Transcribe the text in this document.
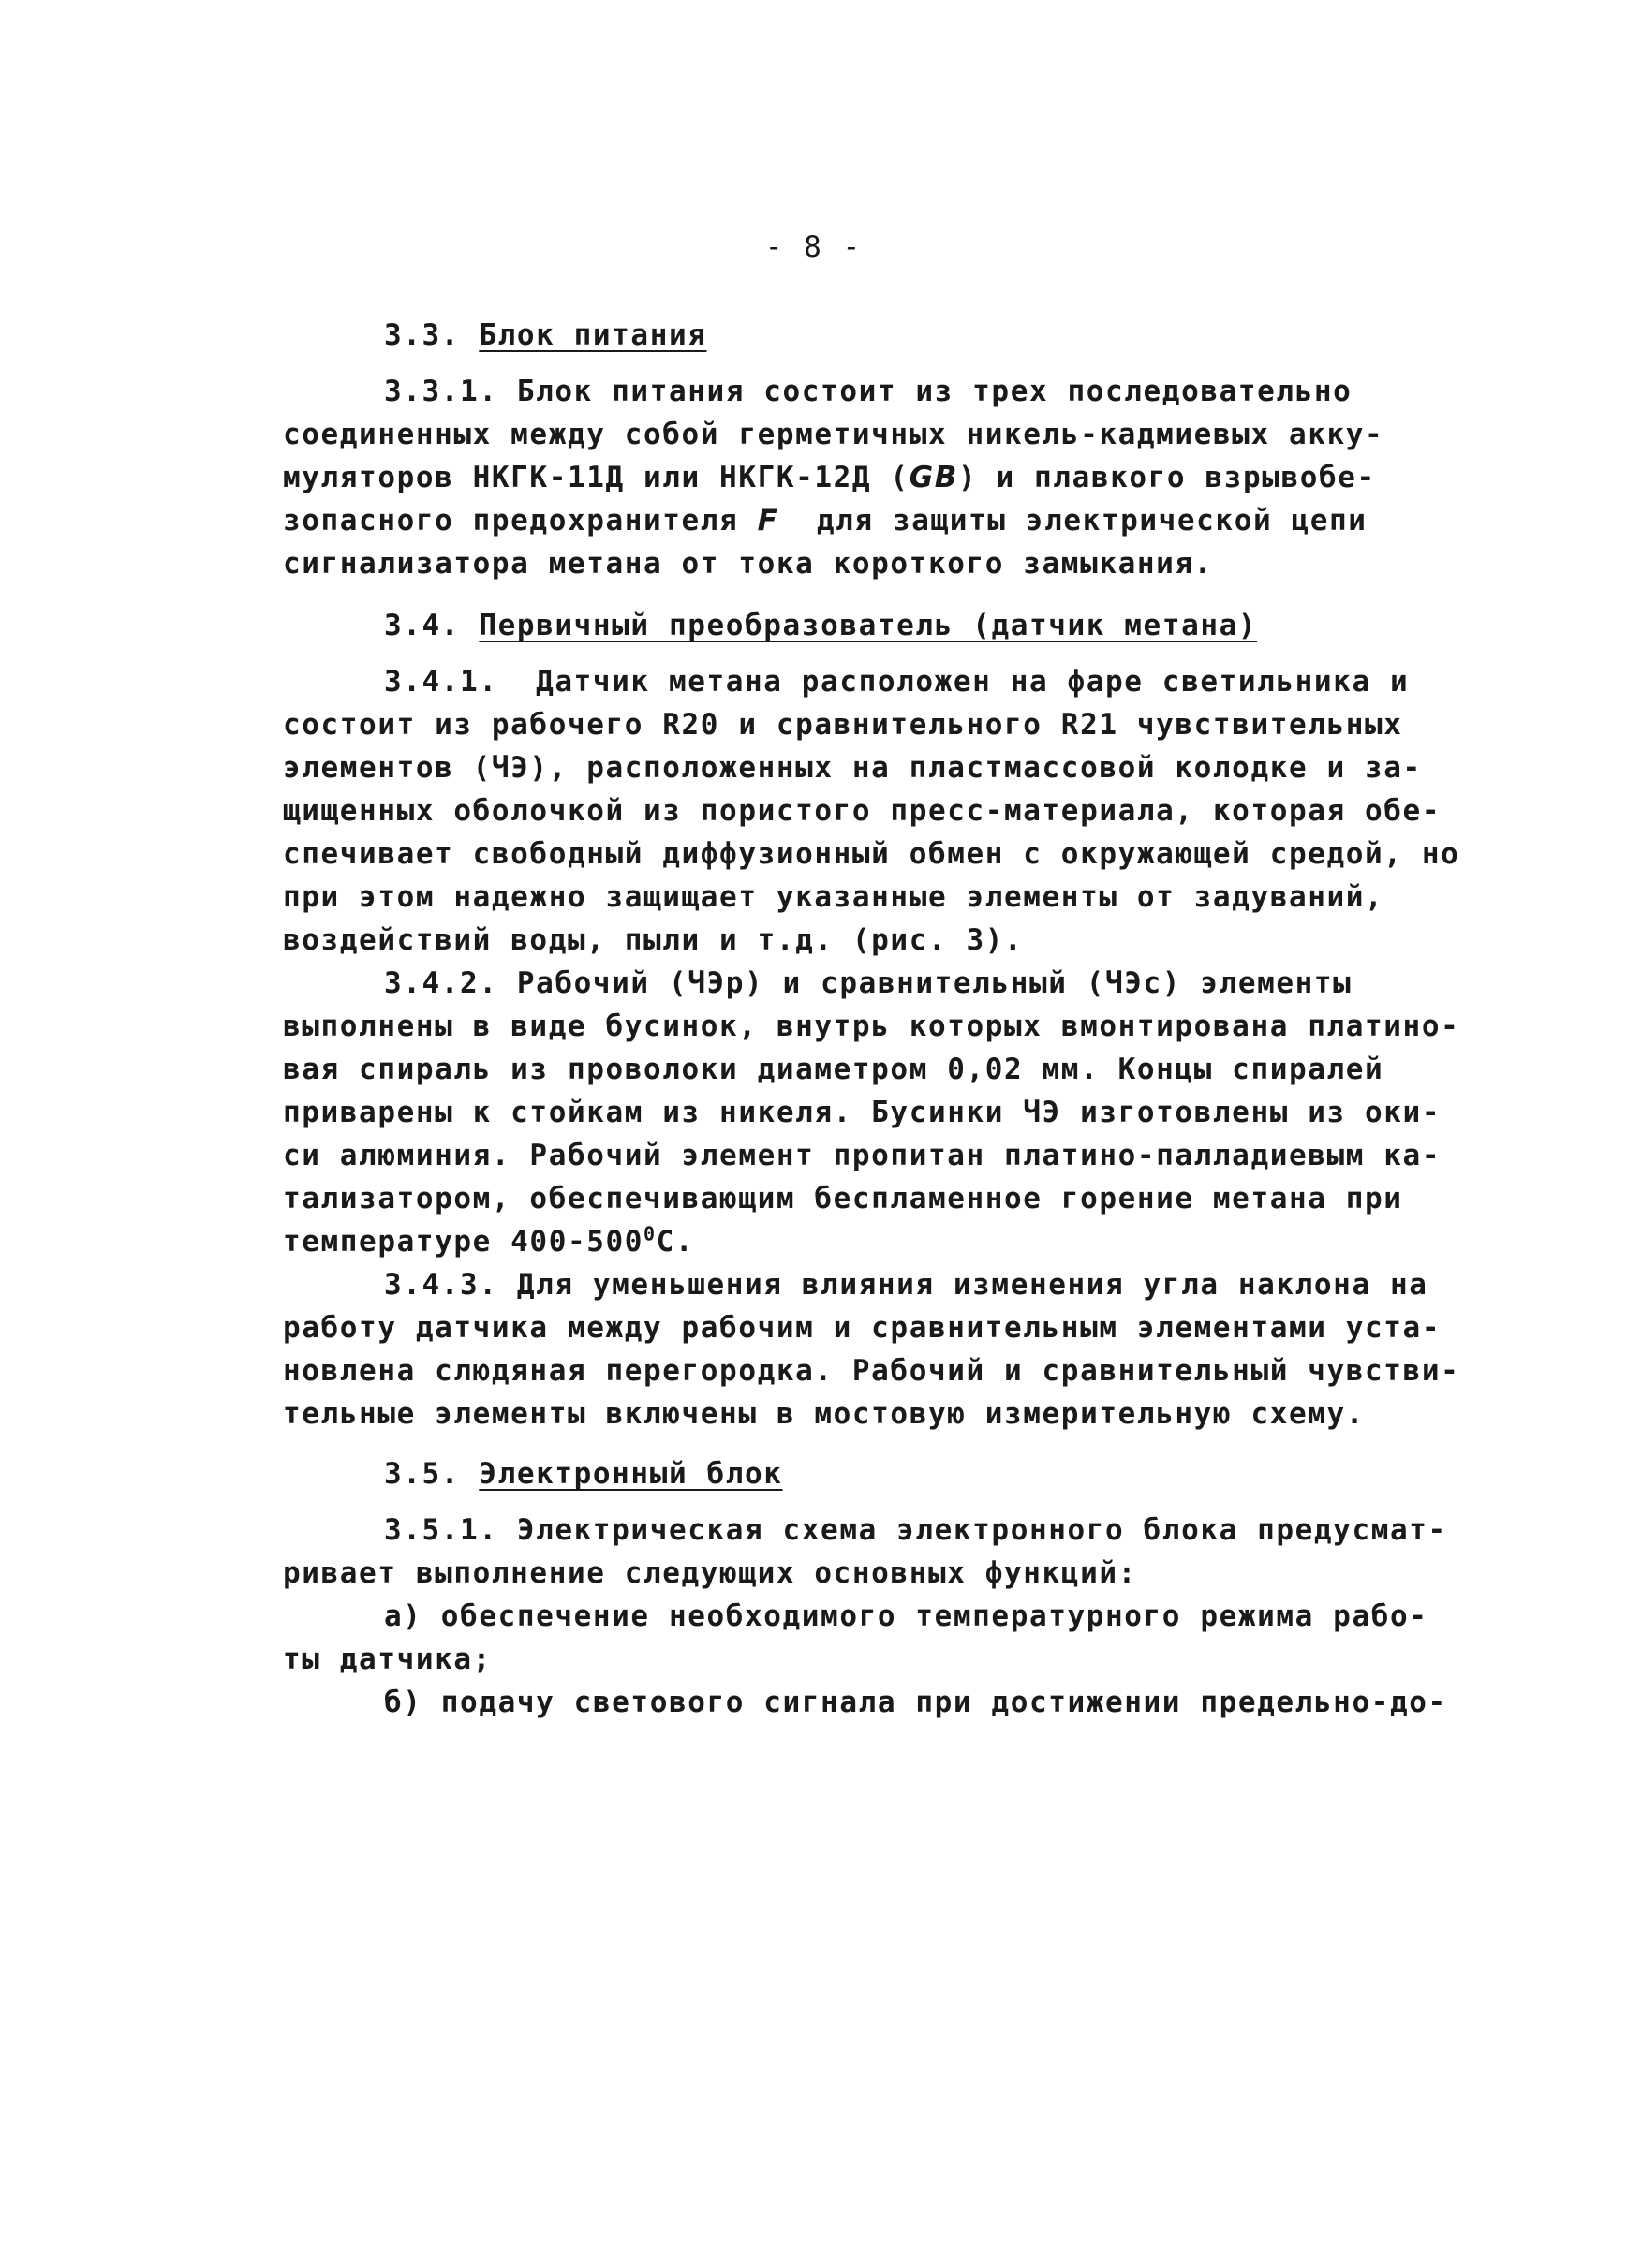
- 8 -
3.3. Блок питания
3.3.1. Блок питания состоит из трех последовательно
соединенных между собой герметичных никель-кадмиевых акку-
муляторов НКГК-11Д или НКГК-12Д (GB) и плавкого взрывобе-
зопасного предохранителя F  для защиты электрической цепи
сигнализатора метана от тока короткого замыкания.
3.4. Первичный преобразователь (датчик метана)
3.4.1.  Датчик метана расположен на фаре светильника и
состоит из рабочего R20 и сравнительного R21 чувствительных
элементов (ЧЭ), расположенных на пластмассовой колодке и за-
щищенных оболочкой из пористого пресс-материала, которая обе-
спечивает свободный диффузионный обмен с окружающей средой, но
при этом надежно защищает указанные элементы от задуваний,
воздействий воды, пыли и т.д. (рис. 3).
3.4.2. Рабочий (ЧЭр) и сравнительный (ЧЭс) элементы
выполнены в виде бусинок, внутрь которых вмонтирована платино-
вая спираль из проволоки диаметром 0,02 мм. Концы спиралей
приварены к стойкам из никеля. Бусинки ЧЭ изготовлены из оки-
си алюминия. Рабочий элемент пропитан платино-палладиевым ка-
тализатором, обеспечивающим беспламенное горение метана при
температуре $400-500^0С$.
3.4.3. Для уменьшения влияния изменения угла наклона на
работу датчика между рабочим и сравнительным элементами уста-
новлена слюдяная перегородка. Рабочий и сравнительный чувстви-
тельные элементы включены в мостовую измерительную схему.
3.5. Электронный блок
3.5.1. Электрическая схема электронного блока предусмат-
ривает выполнение следующих основных функций:
а) обеспечение необходимого температурного режима рабо-
ты датчика;
б) подачу светового сигнала при достижении предельно-до-
